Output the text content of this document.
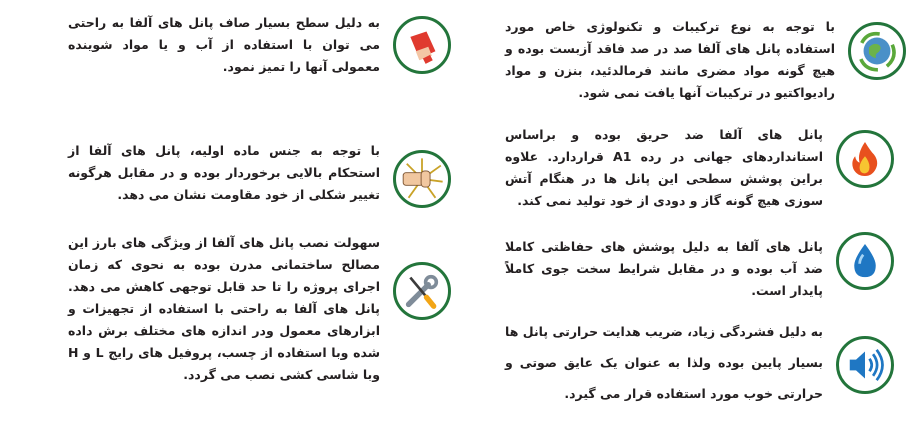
با توجه به نوع ترکیبات و تکنولوژی خاص مورد استفاده پانل های آلفا صد در صد فاقد آزبست بوده و هیچ گونه مواد مضری مانند فرمالدئید، بنزن و مواد رادیواکتیو در ترکیبات آنها یافت نمی شود.

پانل های آلفا ضد حریق بوده و براساس استانداردهای جهانی در رده A1 قراردارد. علاوه براین پوشش سطحی این پانل ها در هنگام آتش سوزی هیچ گونه گاز و دودی از خود تولید نمی کند.

پانل های آلفا به دلیل پوشش های حفاظتی کاملا ضد آب بوده و در مقابل شرایط سخت جوی کاملاً پایدار است.

به دلیل فشردگی زیاد، ضریب هدایت حرارتی پانل ها بسیار پایین بوده ولذا به عنوان یک عایق صوتی و حرارتی خوب مورد استفاده قرار می گیرد.

به دلیل سطح بسیار صاف پانل های آلفا به راحتی می توان با استفاده از آب و یا مواد شوینده معمولی آنها را تمیز نمود.

با توجه به جنس ماده اولیه، پانل های آلفا از استحکام بالایی برخوردار بوده و در مقابل هرگونه تغییر شکلی از خود مقاومت نشان می دهد.

سهولت نصب پانل های آلفا از ویژگی های بارز این مصالح ساختمانی مدرن بوده به نحوی که زمان اجرای پروژه را تا حد قابل توجهی کاهش می دهد. پانل های آلفا به راحتی با استفاده از تجهیزات و ابزارهای معمول ودر اندازه های مختلف برش داده شده وبا استفاده از چسب، پروفیل های رایج L و H وبا شاسی کشی نصب می گردد.
